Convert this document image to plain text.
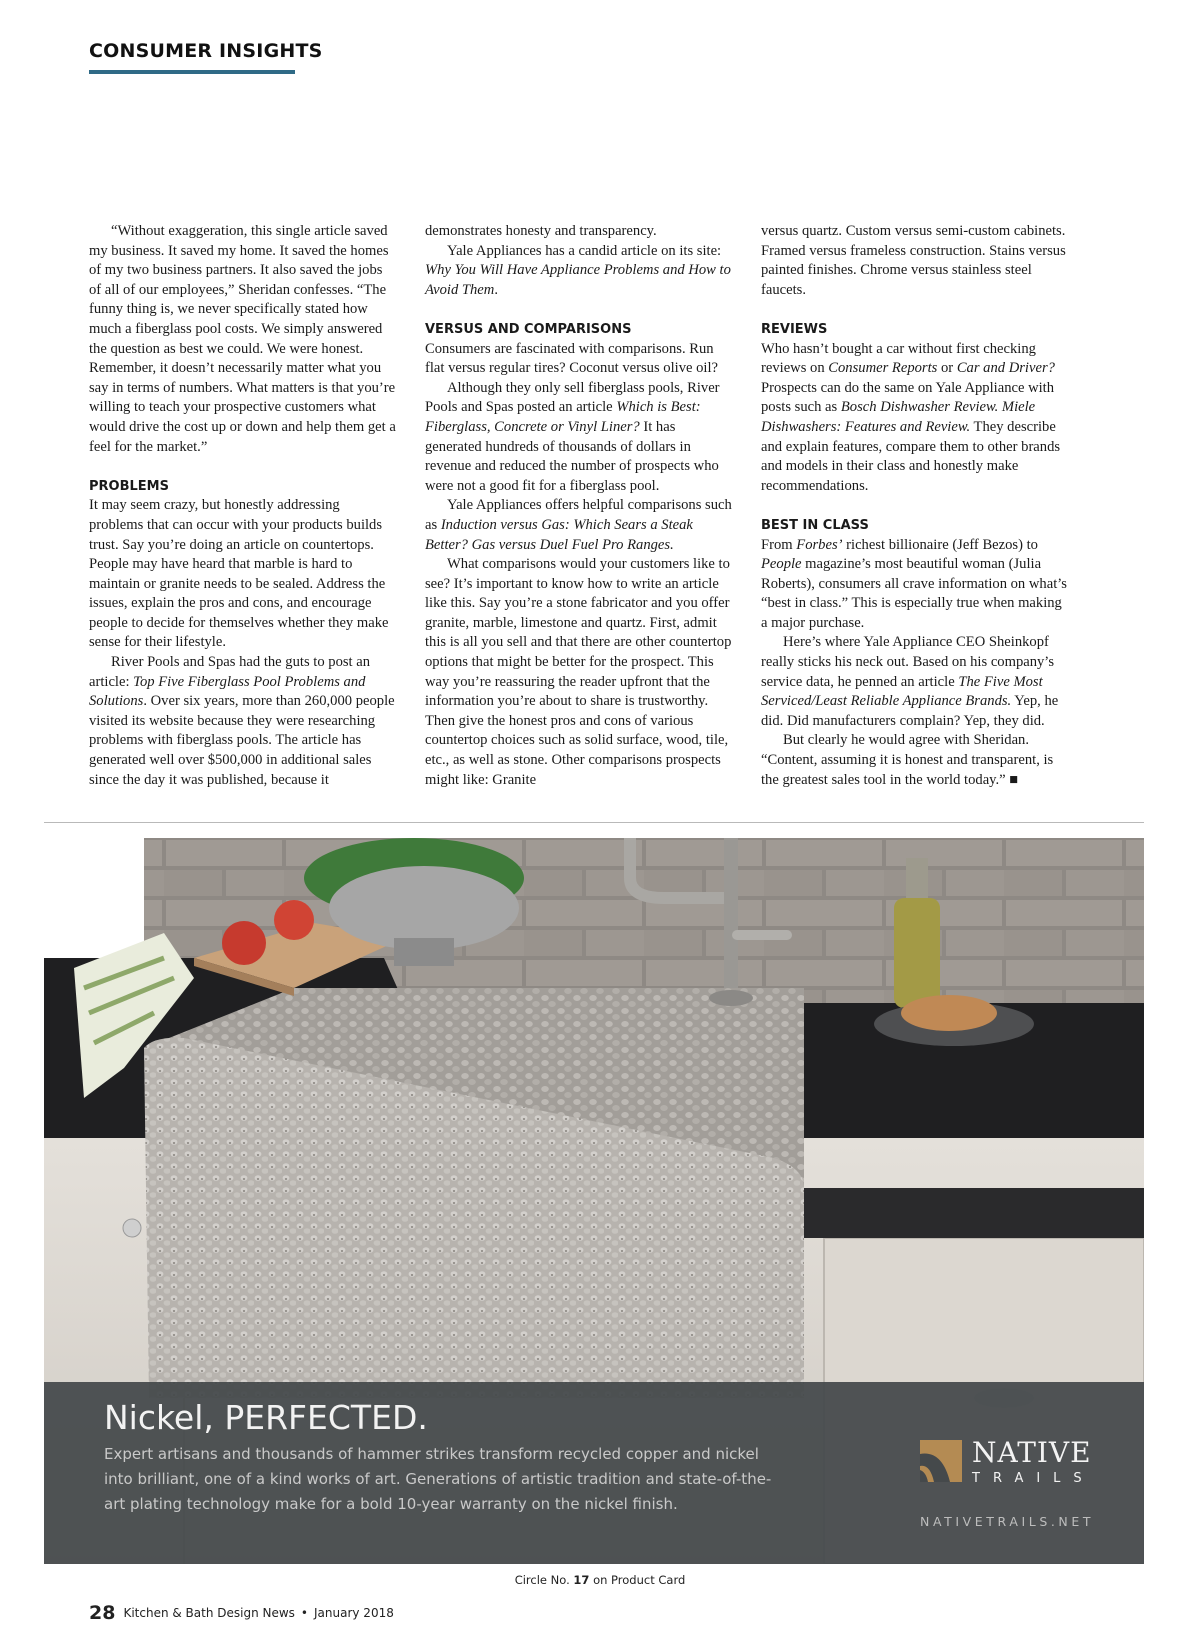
CONSUMER INSIGHTS

“Without exaggeration, this single article saved my business. It saved my home. It saved the homes of my two business partners. It also saved the jobs of all of our employees,” Sheridan confesses. “The funny thing is, we never specifically stated how much a fiberglass pool costs. We simply answered the question as best we could. We were honest. Remember, it doesn’t necessarily matter what you say in terms of numbers. What matters is that you’re willing to teach your prospective customers what would drive the cost up or down and help them get a feel for the market.”

PROBLEMS

It may seem crazy, but honestly addressing problems that can occur with your products builds trust. Say you’re doing an article on countertops. People may have heard that marble is hard to maintain or granite needs to be sealed. Address the issues, explain the pros and cons, and encourage people to decide for themselves whether they make sense for their lifestyle.

River Pools and Spas had the guts to post an article: Top Five Fiberglass Pool Problems and Solutions. Over six years, more than 260,000 people visited its website because they were researching problems with fiberglass pools. The article has generated well over $500,000 in additional sales since the day it was published, because it

demonstrates honesty and transparency.

Yale Appliances has a candid article on its site: Why You Will Have Appliance Problems and How to Avoid Them.

VERSUS AND COMPARISONS

Consumers are fascinated with comparisons. Run flat versus regular tires? Coconut versus olive oil?

Although they only sell fiberglass pools, River Pools and Spas posted an article Which is Best: Fiberglass, Concrete or Vinyl Liner? It has generated hundreds of thousands of dollars in revenue and reduced the number of prospects who were not a good fit for a fiberglass pool.

Yale Appliances offers helpful comparisons such as Induction versus Gas: Which Sears a Steak Better? Gas versus Duel Fuel Pro Ranges.

What comparisons would your customers like to see? It’s important to know how to write an article like this. Say you’re a stone fabricator and you offer granite, marble, limestone and quartz. First, admit this is all you sell and that there are other countertop options that might be better for the prospect. This way you’re reassuring the reader upfront that the information you’re about to share is trustworthy. Then give the honest pros and cons of various countertop choices such as solid surface, wood, tile, etc., as well as stone. Other comparisons prospects might like: Granite

versus quartz. Custom versus semi-custom cabinets. Framed versus frameless construction. Stains versus painted finishes. Chrome versus stainless steel faucets.

REVIEWS

Who hasn’t bought a car without first checking reviews on Consumer Reports or Car and Driver? Prospects can do the same on Yale Appliance with posts such as Bosch Dishwasher Review. Miele Dishwashers: Features and Review. They describe and explain features, compare them to other brands and models in their class and honestly make recommendations.

BEST IN CLASS

From Forbes’ richest billionaire (Jeff Bezos) to People magazine’s most beautiful woman (Julia Roberts), consumers all crave information on what’s “best in class.” This is especially true when making a major purchase.

Here’s where Yale Appliance CEO Sheinkopf really sticks his neck out. Based on his company’s service data, he penned an article The Five Most Serviced/Least Reliable Appliance Brands. Yep, he did. Did manufacturers complain? Yep, they did.

But clearly he would agree with Sheridan. “Content, assuming it is honest and transparent, is the greatest sales tool in the world today.” ■

Nickel, PERFECTED.
Expert artisans and thousands of hammer strikes transform recycled copper and nickel into brilliant, one of a kind works of art. Generations of artistic tradition and state-of-the-art plating technology make for a bold 10-year warranty on the nickel finish.
NATIVE
TRAILS
NATIVETRAILS.NET
Circle No. 17 on Product Card
28 Kitchen & Bath Design News • January 2018
